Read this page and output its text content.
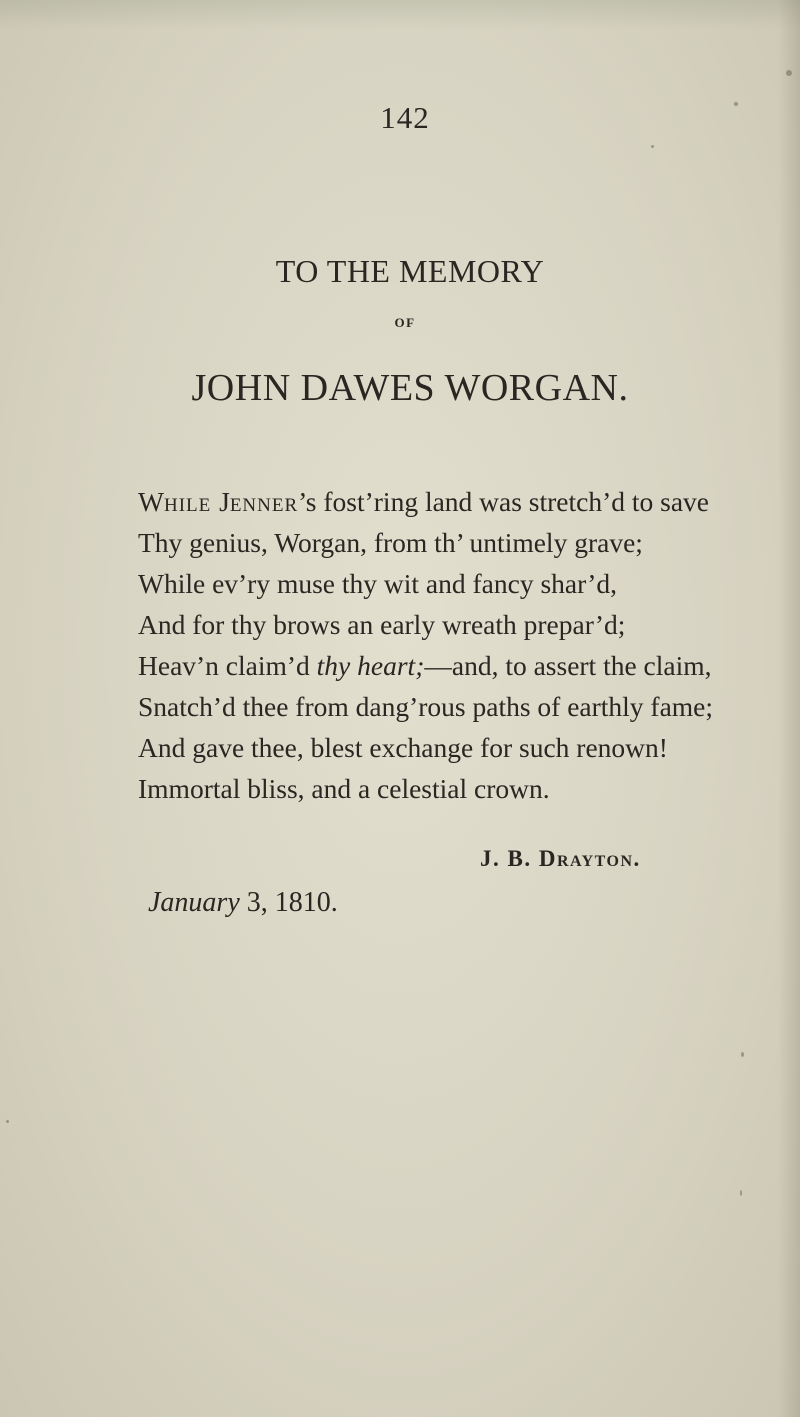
142
TO THE MEMORY
OF
JOHN DAWES WORGAN.
While Jenner’s fost’ring land was stretch’d to save
Thy genius, Worgan, from th’ untimely grave;
While ev’ry muse thy wit and fancy shar’d,
And for thy brows an early wreath prepar’d;
Heav’n claim’d thy heart;—and, to assert the claim,
Snatch’d thee from dang’rous paths of earthly fame;
And gave thee, blest exchange for such renown!
Immortal bliss, and a celestial crown.
J. B. Drayton.
January 3, 1810.
